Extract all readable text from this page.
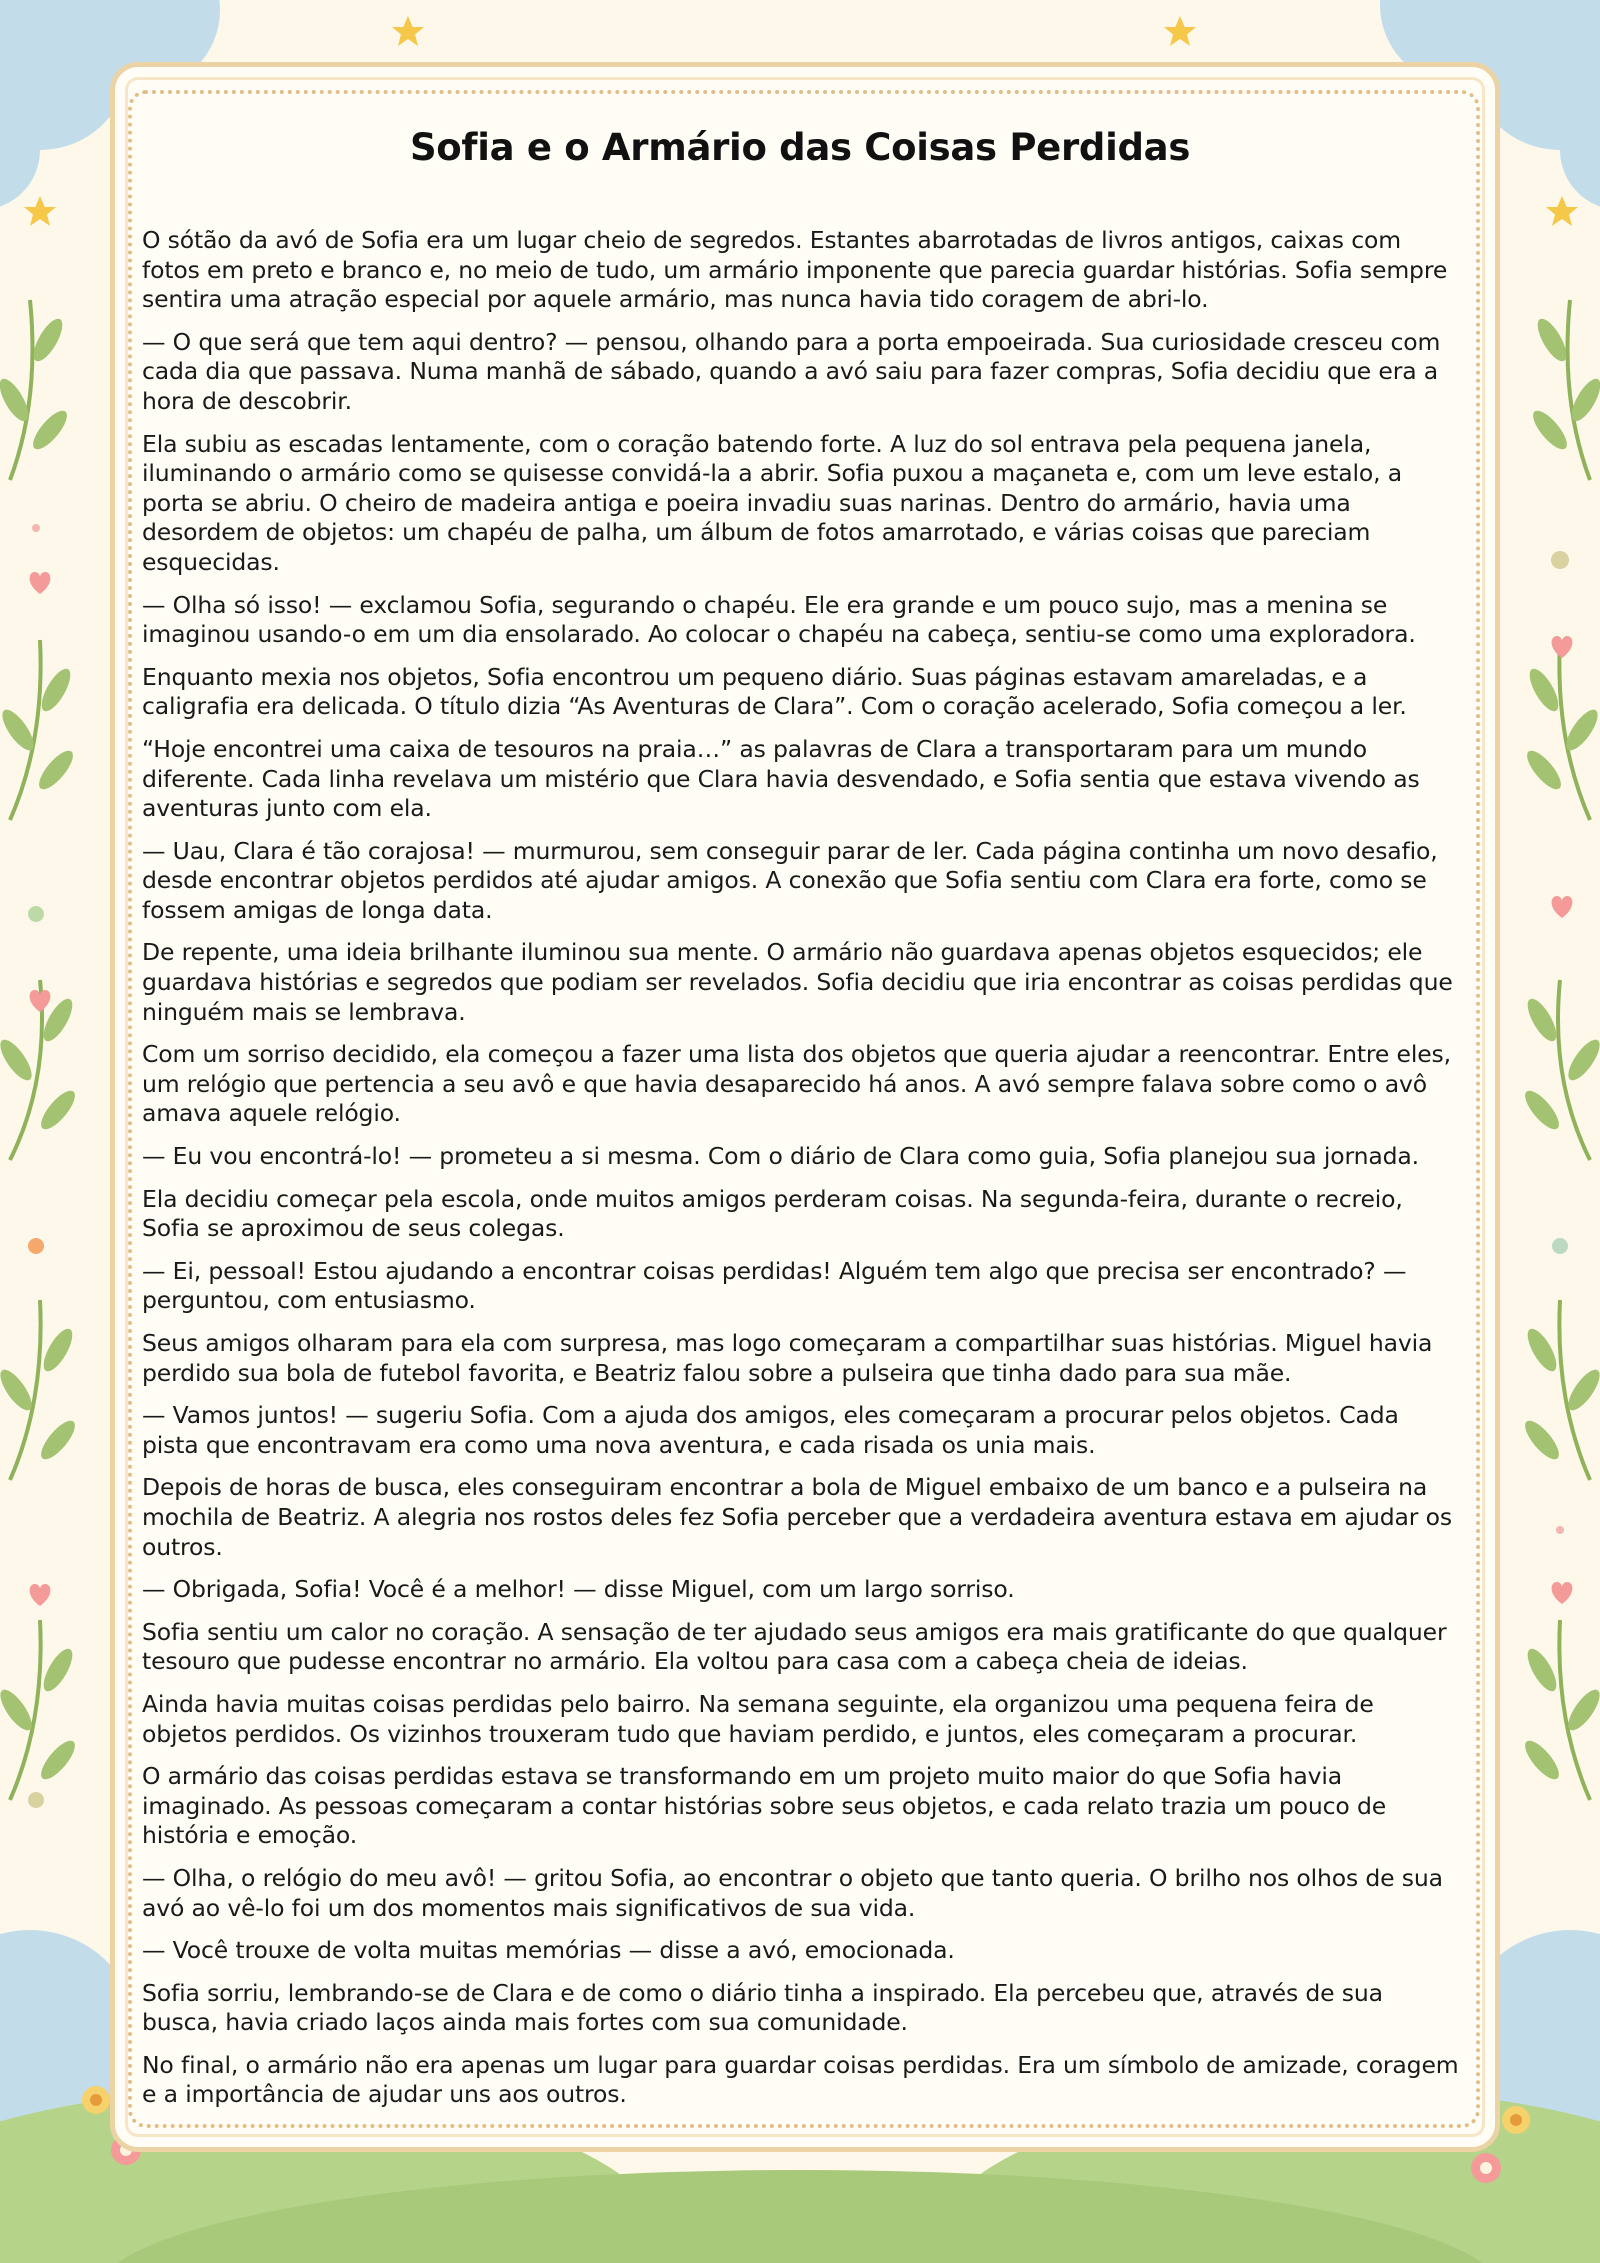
Sofia e o Armário das Coisas Perdidas

O sótão da avó de Sofia era um lugar cheio de segredos. Estantes abarrotadas de livros antigos, caixas com fotos em preto e branco e, no meio de tudo, um armário imponente que parecia guardar histórias. Sofia sempre sentira uma atração especial por aquele armário, mas nunca havia tido coragem de abri-lo.

— O que será que tem aqui dentro? — pensou, olhando para a porta empoeirada. Sua curiosidade cresceu com cada dia que passava. Numa manhã de sábado, quando a avó saiu para fazer compras, Sofia decidiu que era a hora de descobrir.

Ela subiu as escadas lentamente, com o coração batendo forte. A luz do sol entrava pela pequena janela, iluminando o armário como se quisesse convidá-la a abrir. Sofia puxou a maçaneta e, com um leve estalo, a porta se abriu. O cheiro de madeira antiga e poeira invadiu suas narinas. Dentro do armário, havia uma desordem de objetos: um chapéu de palha, um álbum de fotos amarrotado, e várias coisas que pareciam esquecidas.

— Olha só isso! — exclamou Sofia, segurando o chapéu. Ele era grande e um pouco sujo, mas a menina se imaginou usando-o em um dia ensolarado. Ao colocar o chapéu na cabeça, sentiu-se como uma exploradora.

Enquanto mexia nos objetos, Sofia encontrou um pequeno diário. Suas páginas estavam amareladas, e a caligrafia era delicada. O título dizia “As Aventuras de Clara”. Com o coração acelerado, Sofia começou a ler.

“Hoje encontrei uma caixa de tesouros na praia…” as palavras de Clara a transportaram para um mundo diferente. Cada linha revelava um mistério que Clara havia desvendado, e Sofia sentia que estava vivendo as aventuras junto com ela.

— Uau, Clara é tão corajosa! — murmurou, sem conseguir parar de ler. Cada página continha um novo desafio, desde encontrar objetos perdidos até ajudar amigos. A conexão que Sofia sentiu com Clara era forte, como se fossem amigas de longa data.

De repente, uma ideia brilhante iluminou sua mente. O armário não guardava apenas objetos esquecidos; ele guardava histórias e segredos que podiam ser revelados. Sofia decidiu que iria encontrar as coisas perdidas que ninguém mais se lembrava.

Com um sorriso decidido, ela começou a fazer uma lista dos objetos que queria ajudar a reencontrar. Entre eles, um relógio que pertencia a seu avô e que havia desaparecido há anos. A avó sempre falava sobre como o avô amava aquele relógio.

— Eu vou encontrá-lo! — prometeu a si mesma. Com o diário de Clara como guia, Sofia planejou sua jornada.

Ela decidiu começar pela escola, onde muitos amigos perderam coisas. Na segunda-feira, durante o recreio, Sofia se aproximou de seus colegas.

— Ei, pessoal! Estou ajudando a encontrar coisas perdidas! Alguém tem algo que precisa ser encontrado? — perguntou, com entusiasmo.

Seus amigos olharam para ela com surpresa, mas logo começaram a compartilhar suas histórias. Miguel havia perdido sua bola de futebol favorita, e Beatriz falou sobre a pulseira que tinha dado para sua mãe.

— Vamos juntos! — sugeriu Sofia. Com a ajuda dos amigos, eles começaram a procurar pelos objetos. Cada pista que encontravam era como uma nova aventura, e cada risada os unia mais.

Depois de horas de busca, eles conseguiram encontrar a bola de Miguel embaixo de um banco e a pulseira na mochila de Beatriz. A alegria nos rostos deles fez Sofia perceber que a verdadeira aventura estava em ajudar os outros.

— Obrigada, Sofia! Você é a melhor! — disse Miguel, com um largo sorriso.

Sofia sentiu um calor no coração. A sensação de ter ajudado seus amigos era mais gratificante do que qualquer tesouro que pudesse encontrar no armário. Ela voltou para casa com a cabeça cheia de ideias.

Ainda havia muitas coisas perdidas pelo bairro. Na semana seguinte, ela organizou uma pequena feira de objetos perdidos. Os vizinhos trouxeram tudo que haviam perdido, e juntos, eles começaram a procurar.

O armário das coisas perdidas estava se transformando em um projeto muito maior do que Sofia havia imaginado. As pessoas começaram a contar histórias sobre seus objetos, e cada relato trazia um pouco de história e emoção.

— Olha, o relógio do meu avô! — gritou Sofia, ao encontrar o objeto que tanto queria. O brilho nos olhos de sua avó ao vê-lo foi um dos momentos mais significativos de sua vida.

— Você trouxe de volta muitas memórias — disse a avó, emocionada.

Sofia sorriu, lembrando-se de Clara e de como o diário tinha a inspirado. Ela percebeu que, através de sua busca, havia criado laços ainda mais fortes com sua comunidade.

No final, o armário não era apenas um lugar para guardar coisas perdidas. Era um símbolo de amizade, coragem e a importância de ajudar uns aos outros.
